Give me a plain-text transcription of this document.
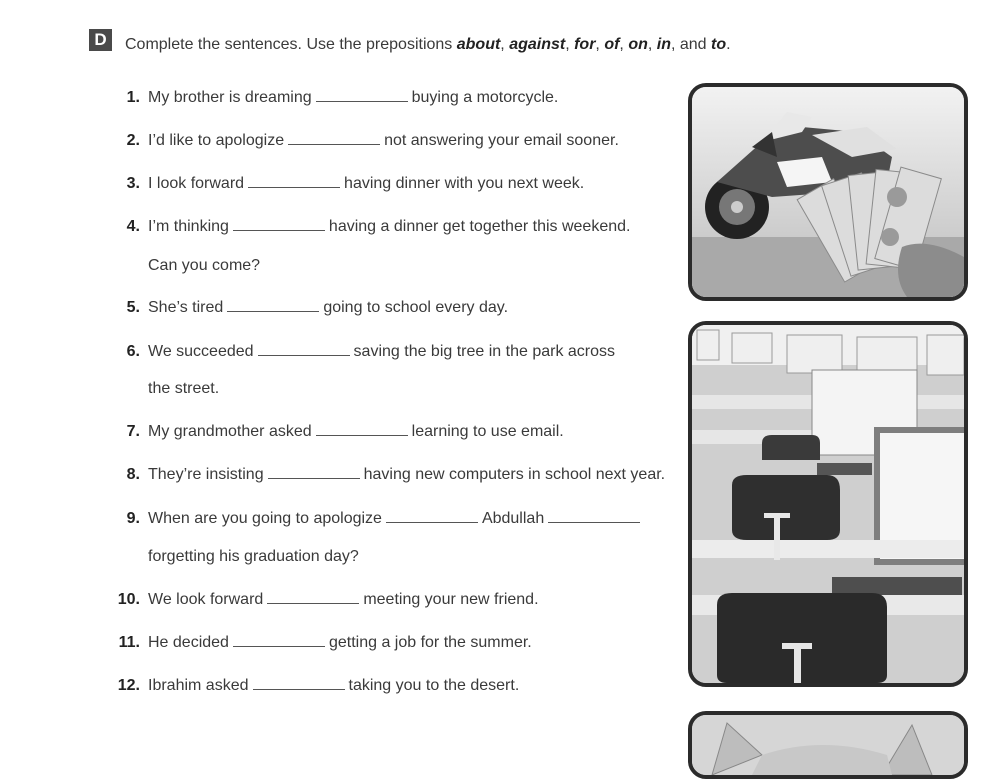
D	Complete the sentences. Use the prepositions about, against, for, of, on, in, and to.
1. My brother is dreaming	buying a motorcycle.
2. I’d like to apologize	not answering your email sooner.
3. I look forward	having dinner with you next week.
4. I’m thinking	having a dinner get together this weekend.
Can you come?
5. She’s tired	going to school every day.
6. We succeeded	saving the big tree in the park across
the street.
7. My grandmother asked	learning to use email.
8. They’re insisting	having new computers in school next year.
9. When are you going to apologize	Abdullah
forgetting his graduation day?
10. We look forward	meeting your new friend.
11. He decided	getting a job for the summer.
12. Ibrahim asked	taking you to the desert.
